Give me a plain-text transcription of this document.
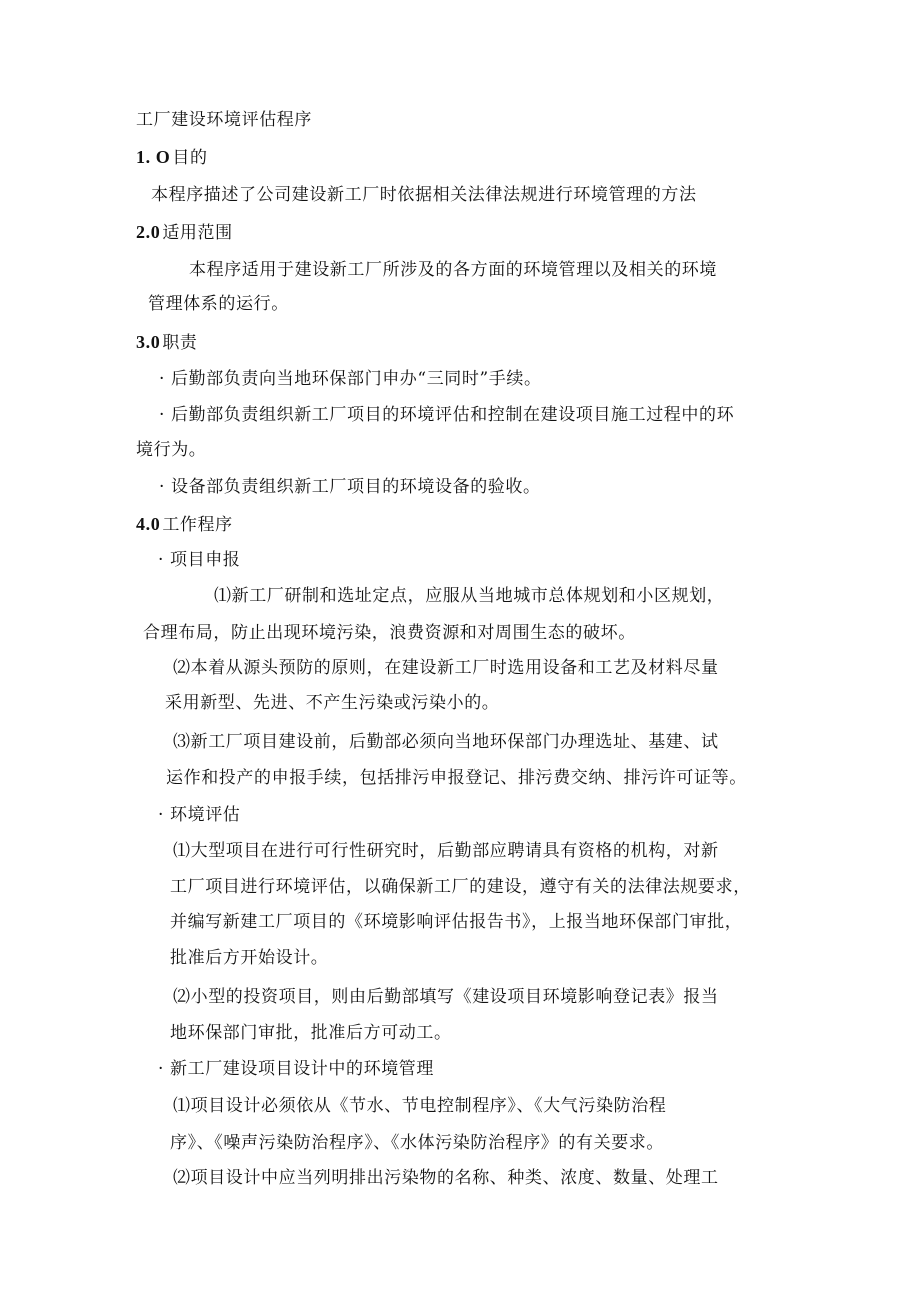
工厂建设环境评估程序
1. O 目的
本程序描述了公司建设新工厂时依据相关法律法规进行环境管理的方法
2.0 适用范围
本程序适用于建设新工厂所涉及的各方面的环境管理以及相关的环境
管理体系的运行。
3.0 职责
· 后勤部负责向当地环保部门申办“三同时”手续。
· 后勤部负责组织新工厂项目的环境评估和控制在建设项目施工过程中的环
境行为。
· 设备部负责组织新工厂项目的环境设备的验收。
4.0 工作程序
· 项目申报
⑴新工厂研制和选址定点，应服从当地城市总体规划和小区规划，
合理布局，防止出现环境污染，浪费资源和对周围生态的破坏。
⑵本着从源头预防的原则，在建设新工厂时选用设备和工艺及材料尽量
采用新型、先进、不产生污染或污染小的。
⑶新工厂项目建设前，后勤部必须向当地环保部门办理选址、基建、试
运作和投产的申报手续，包括排污申报登记、排污费交纳、排污许可证等。
· 环境评估
⑴大型项目在进行可行性研究时，后勤部应聘请具有资格的机构，对新
工厂项目进行环境评估，以确保新工厂的建设，遵守有关的法律法规要求，
并编写新建工厂项目的《环境影响评估报告书》，上报当地环保部门审批，
批准后方开始设计。
⑵小型的投资项目，则由后勤部填写《建设项目环境影响登记表》报当
地环保部门审批，批准后方可动工。
· 新工厂建设项目设计中的环境管理
⑴项目设计必须依从《节水、节电控制程序》、《大气污染防治程
序》、《噪声污染防治程序》、《水体污染防治程序》的有关要求。
⑵项目设计中应当列明排出污染物的名称、种类、浓度、数量、处理工
